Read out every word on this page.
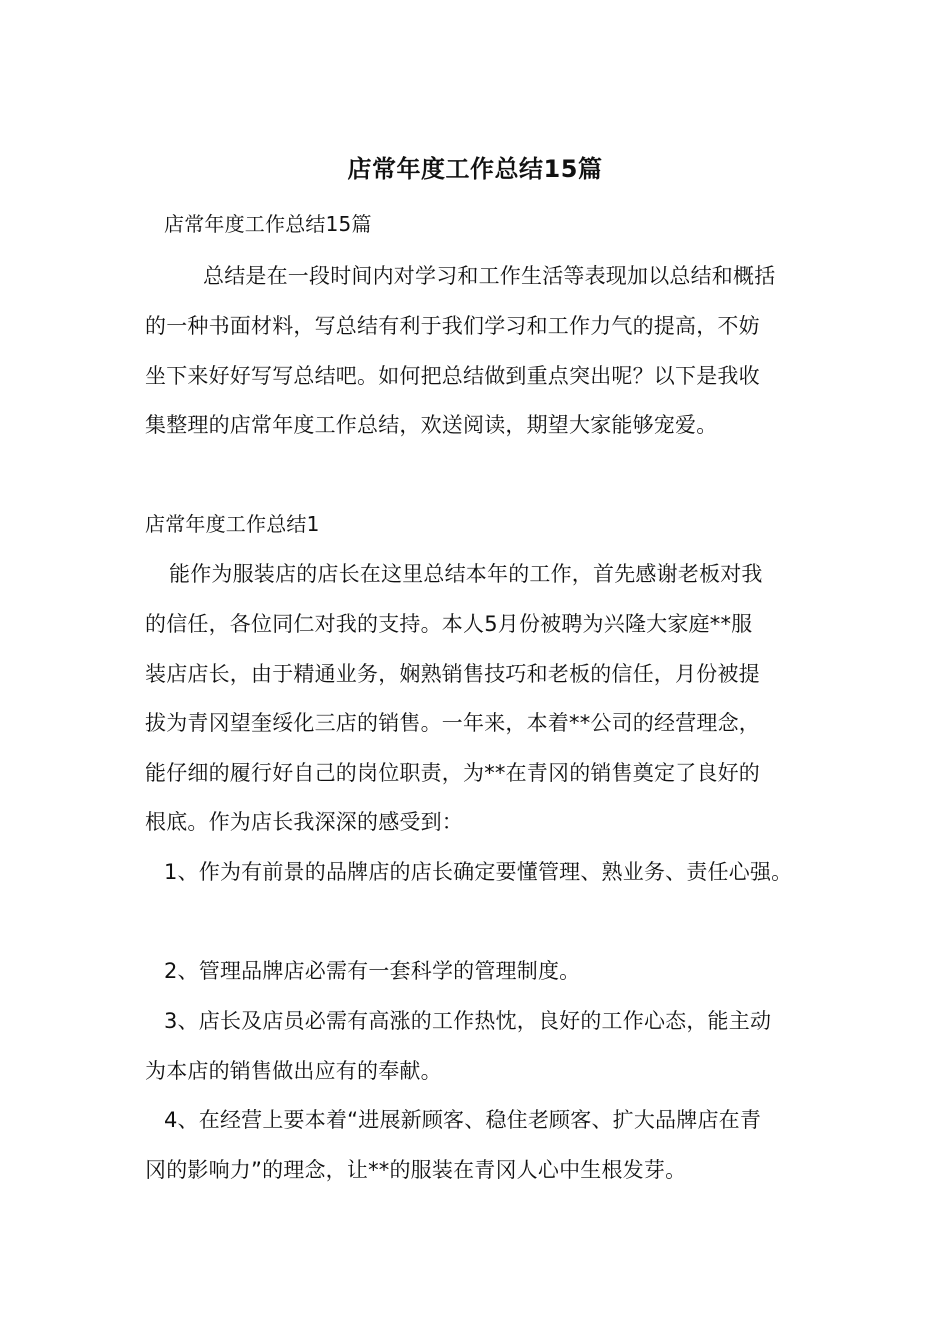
店常年度工作总结15篇
店常年度工作总结15篇
总结是在一段时间内对学习和工作生活等表现加以总结和概括
的一种书面材料，写总结有利于我们学习和工作力气的提高，不妨
坐下来好好写写总结吧。如何把总结做到重点突出呢？以下是我收
集整理的店常年度工作总结，欢送阅读，期望大家能够宠爱。
店常年度工作总结1
能作为服装店的店长在这里总结本年的工作，首先感谢老板对我
的信任，各位同仁对我的支持。本人5月份被聘为兴隆大家庭**服
装店店长，由于精通业务，娴熟销售技巧和老板的信任，月份被提
拔为青冈望奎绥化三店的销售。一年来，本着**公司的经营理念，
能仔细的履行好自己的岗位职责，为**在青冈的销售奠定了良好的
根底。作为店长我深深的感受到：
1、作为有前景的品牌店的店长确定要懂管理、熟业务、责任心强。
2、管理品牌店必需有一套科学的管理制度。
3、店长及店员必需有高涨的工作热忱，良好的工作心态，能主动
为本店的销售做出应有的奉献。
4、在经营上要本着“进展新顾客、稳住老顾客、扩大品牌店在青
冈的影响力”的理念，让**的服装在青冈人心中生根发芽。
